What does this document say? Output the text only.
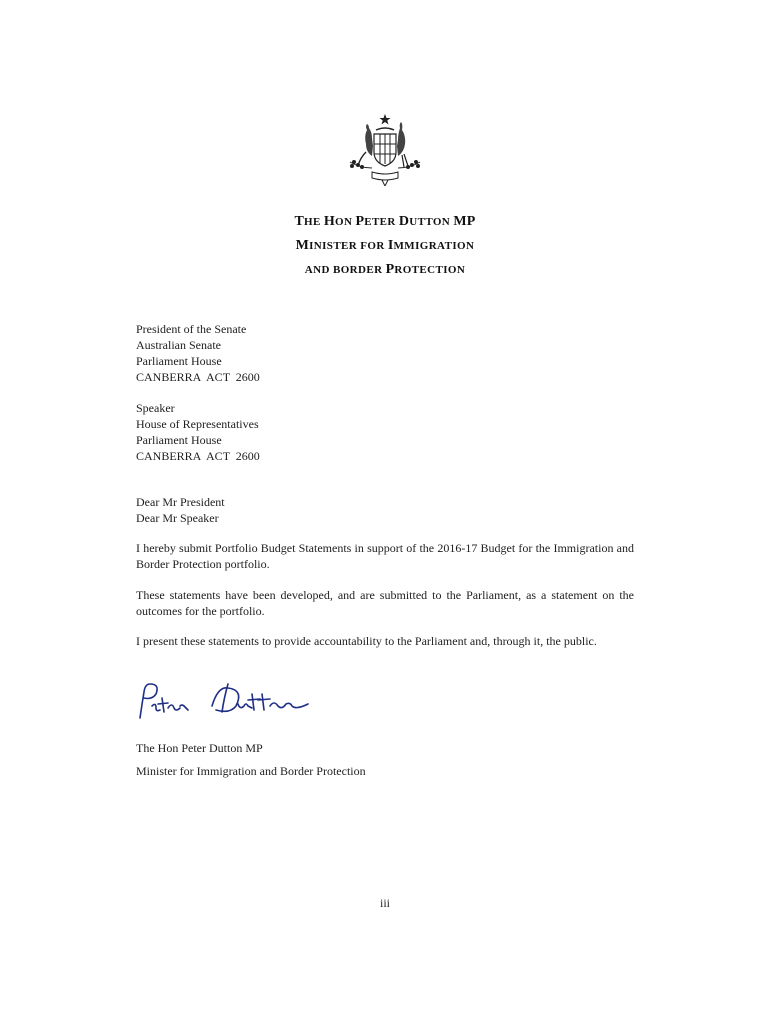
THE HON PETER DUTTON MP
MINISTER FOR IMMIGRATION
AND BORDER PROTECTION
President of the Senate
Australian Senate
Parliament House
CANBERRA  ACT  2600
Speaker
House of Representatives
Parliament House
CANBERRA  ACT  2600
Dear Mr President
Dear Mr Speaker
I hereby submit Portfolio Budget Statements in support of the 2016-17 Budget for the Immigration and Border Protection portfolio.
These statements have been developed, and are submitted to the Parliament, as a statement on the outcomes for the portfolio.
I present these statements to provide accountability to the Parliament and, through it, the public.
The Hon Peter Dutton MP
Minister for Immigration and Border Protection
iii
